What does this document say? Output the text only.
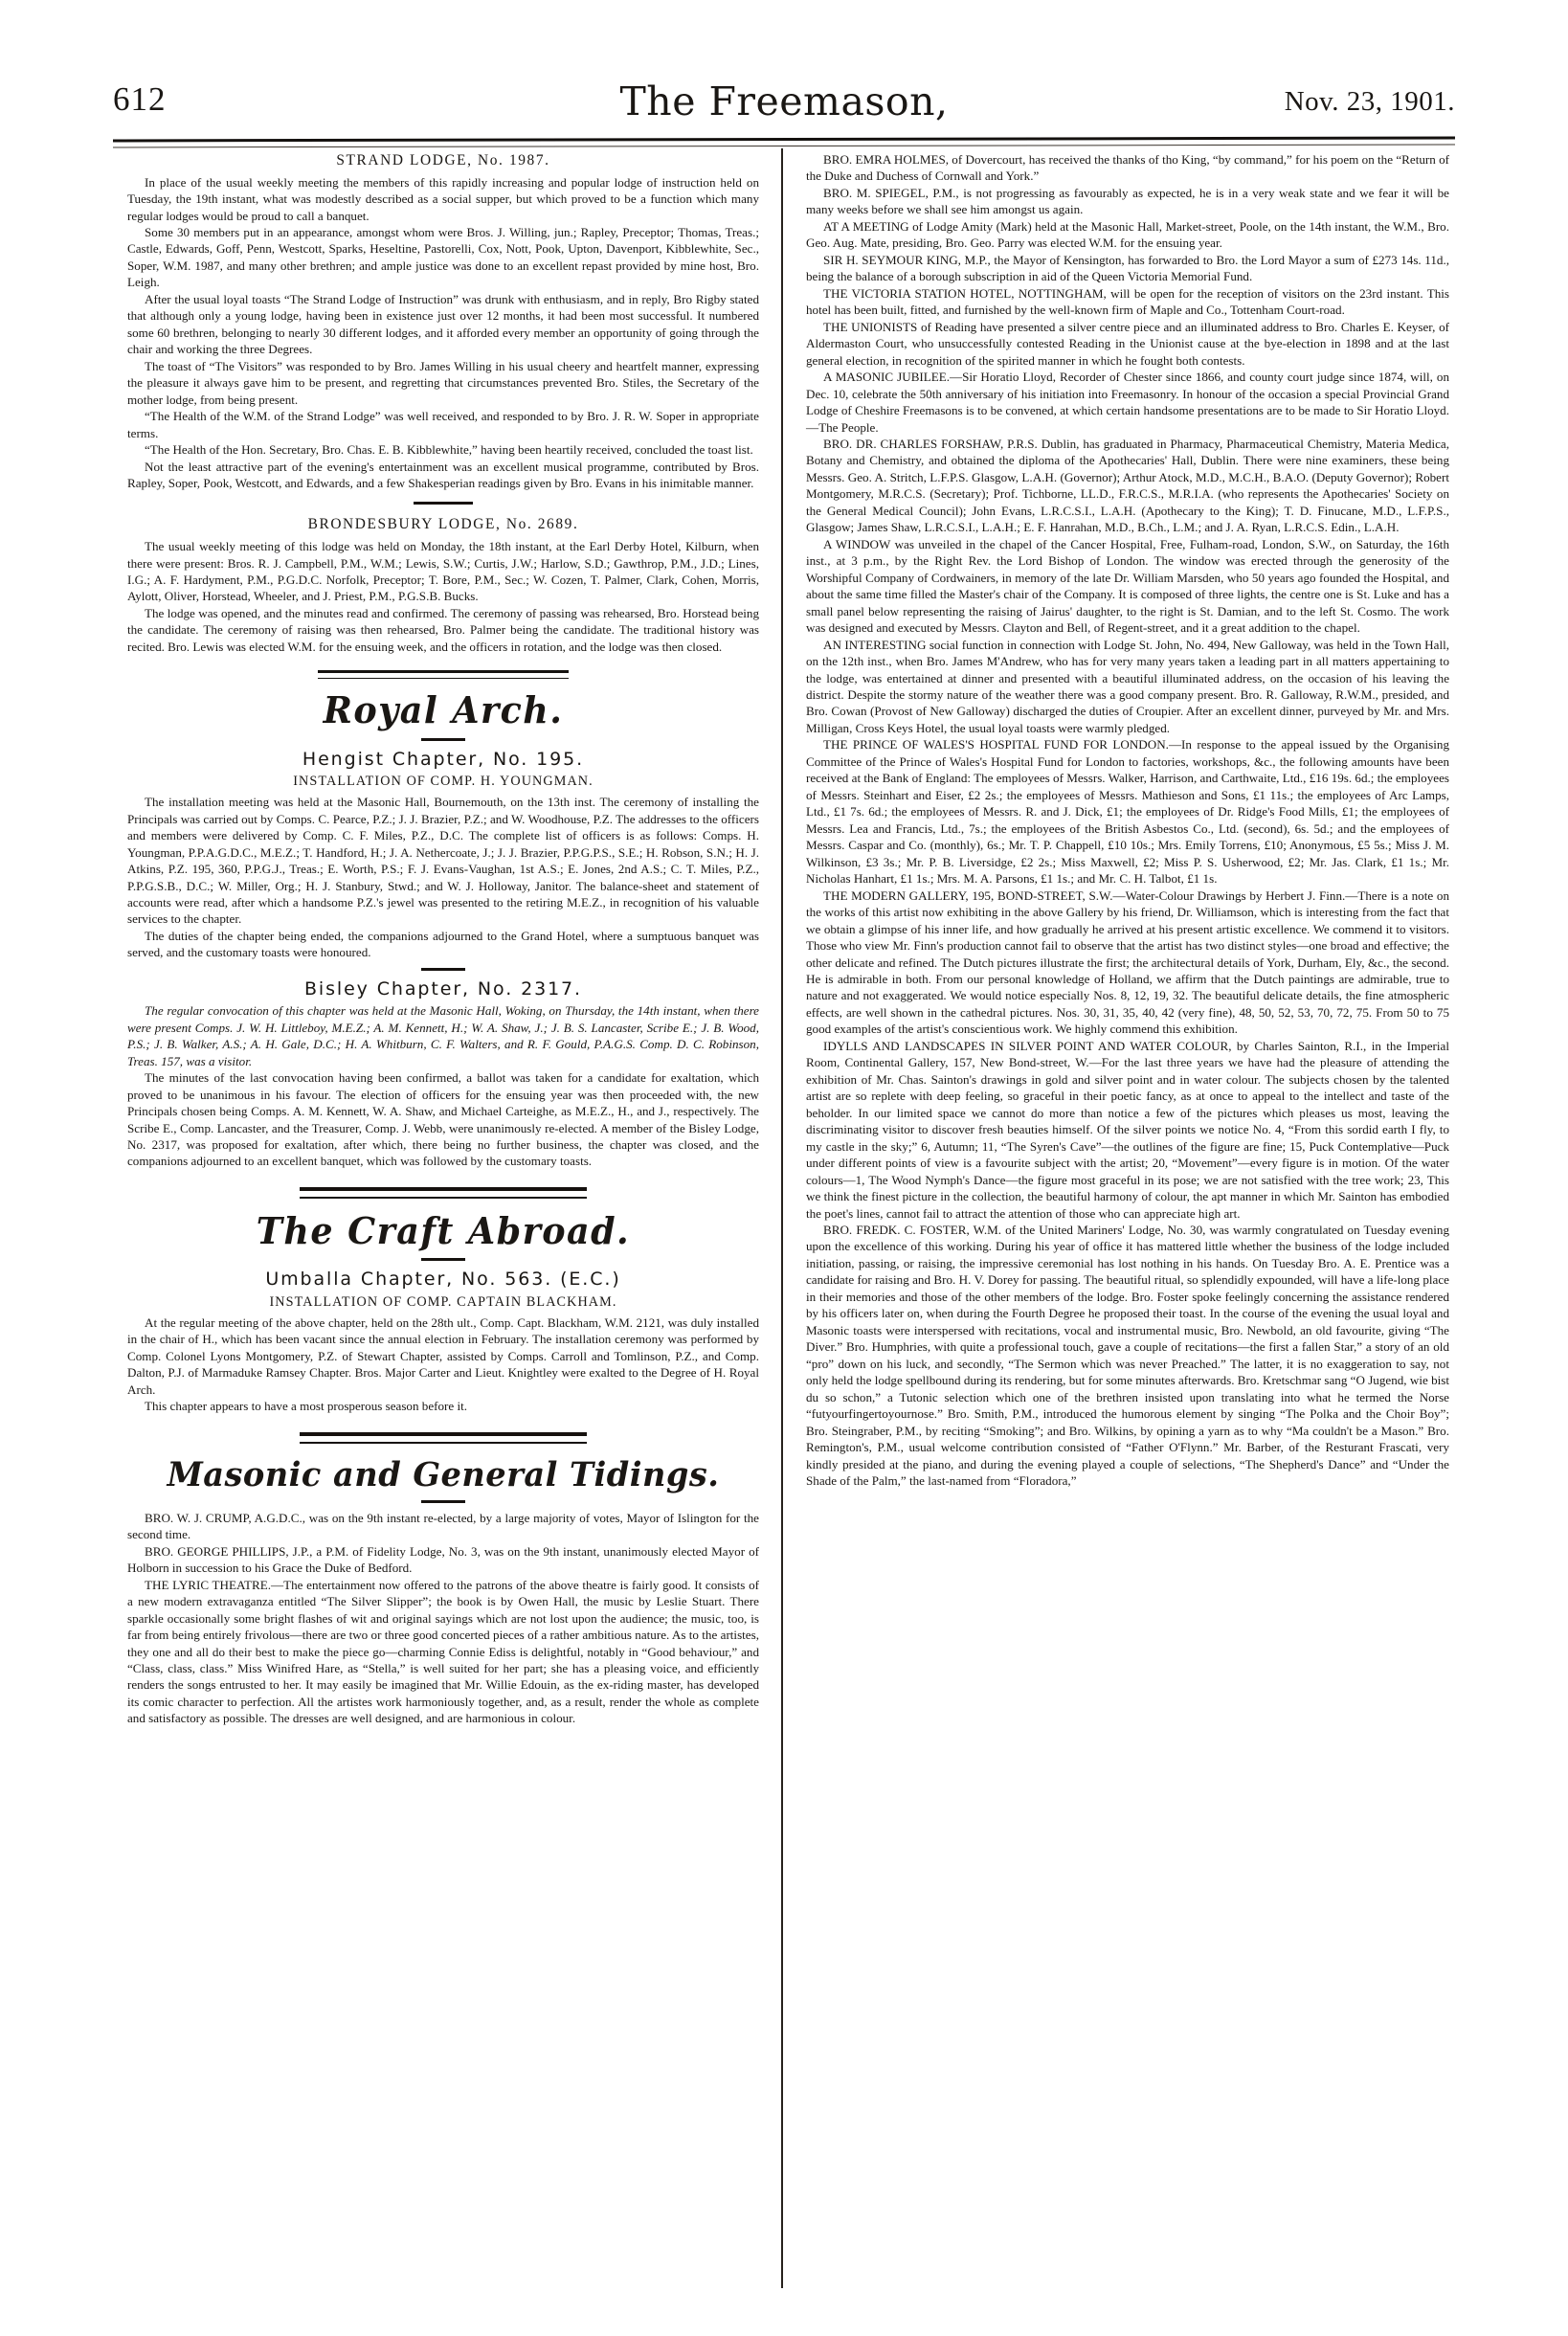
612	The Freemason,	Nov. 23, 1901.
STRAND LODGE, No. 1987.

In place of the usual weekly meeting the members of this rapidly increasing and popular lodge of instruction held on Tuesday, the 19th instant, what was modestly described as a social supper, but which proved to be a function which many regular lodges would be proud to call a banquet.

Some 30 members put in an appearance, amongst whom were Bros. J. Willing, jun.; Rapley, Preceptor; Thomas, Treas.; Castle, Edwards, Goff, Penn, Westcott, Sparks, Heseltine, Pastorelli, Cox, Nott, Pook, Upton, Davenport, Kibblewhite, Sec., Soper, W.M. 1987, and many other brethren; and ample justice was done to an excellent repast provided by mine host, Bro. Leigh.

After the usual loyal toasts “The Strand Lodge of Instruction” was drunk with enthusiasm, and in reply, Bro Rigby stated that although only a young lodge, having been in existence just over 12 months, it had been most successful. It numbered some 60 brethren, belonging to nearly 30 different lodges, and it afforded every member an opportunity of going through the chair and working the three Degrees.

The toast of “The Visitors” was responded to by Bro. James Willing in his usual cheery and heartfelt manner, expressing the pleasure it always gave him to be present, and regretting that circumstances prevented Bro. Stiles, the Secretary of the mother lodge, from being present.

“The Health of the W.M. of the Strand Lodge” was well received, and responded to by Bro. J. R. W. Soper in appropriate terms.

“The Health of the Hon. Secretary, Bro. Chas. E. B. Kibblewhite,” having been heartily received, concluded the toast list.

Not the least attractive part of the evening's entertainment was an excellent musical programme, contributed by Bros. Rapley, Soper, Pook, Westcott, and Edwards, and a few Shakesperian readings given by Bro. Evans in his inimitable manner.

BRONDESBURY LODGE, No. 2689.

The usual weekly meeting of this lodge was held on Monday, the 18th instant, at the Earl Derby Hotel, Kilburn, when there were present: Bros. R. J. Campbell, P.M., W.M.; Lewis, S.W.; Curtis, J.W.; Harlow, S.D.; Gawthrop, P.M., J.D.; Lines, I.G.; A. F. Hardyment, P.M., P.G.D.C. Norfolk, Preceptor; T. Bore, P.M., Sec.; W. Cozen, T. Palmer, Clark, Cohen, Morris, Aylott, Oliver, Horstead, Wheeler, and J. Priest, P.M., P.G.S.B. Bucks.

The lodge was opened, and the minutes read and confirmed. The ceremony of passing was rehearsed, Bro. Horstead being the candidate. The ceremony of raising was then rehearsed, Bro. Palmer being the candidate. The traditional history was recited. Bro. Lewis was elected W.M. for the ensuing week, and the officers in rotation, and the lodge was then closed.

Royal Arch.
Hengist Chapter, No. 195.
INSTALLATION OF COMP. H. YOUNGMAN.

The installation meeting was held at the Masonic Hall, Bournemouth, on the 13th inst. The ceremony of installing the Principals was carried out by Comps. C. Pearce, P.Z.; J. J. Brazier, P.Z.; and W. Woodhouse, P.Z. The addresses to the officers and members were delivered by Comp. C. F. Miles, P.Z., D.C. The complete list of officers is as follows: Comps. H. Youngman, P.P.A.G.D.C., M.E.Z.; T. Handford, H.; J. A. Nethercoate, J.; J. J. Brazier, P.P.G.P.S., S.E.; H. Robson, S.N.; H. J. Atkins, P.Z. 195, 360, P.P.G.J., Treas.; E. Worth, P.S.; F. J. Evans-Vaughan, 1st A.S.; E. Jones, 2nd A.S.; C. T. Miles, P.Z., P.P.G.S.B., D.C.; W. Miller, Org.; H. J. Stanbury, Stwd.; and W. J. Holloway, Janitor. The balance-sheet and statement of accounts were read, after which a handsome P.Z.'s jewel was presented to the retiring M.E.Z., in recognition of his valuable services to the chapter.

The duties of the chapter being ended, the companions adjourned to the Grand Hotel, where a sumptuous banquet was served, and the customary toasts were honoured.

Bisley Chapter, No. 2317.

The regular convocation of this chapter was held at the Masonic Hall, Woking, on Thursday, the 14th instant, when there were present Comps. J. W. H. Littleboy, M.E.Z.; A. M. Kennett, H.; W. A. Shaw, J.; J. B. S. Lancaster, Scribe E.; J. B. Wood, P.S.; J. B. Walker, A.S.; A. H. Gale, D.C.; H. A. Whitburn, C. F. Walters, and R. F. Gould, P.A.G.S. Comp. D. C. Robinson, Treas. 157, was a visitor.

The minutes of the last convocation having been confirmed, a ballot was taken for a candidate for exaltation, which proved to be unanimous in his favour. The election of officers for the ensuing year was then proceeded with, the new Principals chosen being Comps. A. M. Kennett, W. A. Shaw, and Michael Carteighe, as M.E.Z., H., and J., respectively. The Scribe E., Comp. Lancaster, and the Treasurer, Comp. J. Webb, were unanimously re-elected. A member of the Bisley Lodge, No. 2317, was proposed for exaltation, after which, there being no further business, the chapter was closed, and the companions adjourned to an excellent banquet, which was followed by the customary toasts.

The Craft Abroad.
Umballa Chapter, No. 563. (E.C.)
INSTALLATION OF COMP. CAPTAIN BLACKHAM.

At the regular meeting of the above chapter, held on the 28th ult., Comp. Capt. Blackham, W.M. 2121, was duly installed in the chair of H., which has been vacant since the annual election in February. The installation ceremony was performed by Comp. Colonel Lyons Montgomery, P.Z. of Stewart Chapter, assisted by Comps. Carroll and Tomlinson, P.Z., and Comp. Dalton, P.J. of Marmaduke Ramsey Chapter. Bros. Major Carter and Lieut. Knightley were exalted to the Degree of H. Royal Arch.

This chapter appears to have a most prosperous season before it.

Masonic and General Tidings.

BRO. W. J. CRUMP, A.G.D.C., was on the 9th instant re-elected, by a large majority of votes, Mayor of Islington for the second time.

BRO. GEORGE PHILLIPS, J.P., a P.M. of Fidelity Lodge, No. 3, was on the 9th instant, unanimously elected Mayor of Holborn in succession to his Grace the Duke of Bedford.

THE LYRIC THEATRE.—The entertainment now offered to the patrons of the above theatre is fairly good. It consists of a new modern extravaganza entitled “The Silver Slipper”; the book is by Owen Hall, the music by Leslie Stuart. There sparkle occasionally some bright flashes of wit and original sayings which are not lost upon the audience; the music, too, is far from being entirely frivolous—there are two or three good concerted pieces of a rather ambitious nature. As to the artistes, they one and all do their best to make the piece go—charming Connie Ediss is delightful, notably in “Good behaviour,” and “Class, class, class.” Miss Winifred Hare, as “Stella,” is well suited for her part; she has a pleasing voice, and efficiently renders the songs entrusted to her. It may easily be imagined that Mr. Willie Edouin, as the ex-riding master, has developed its comic character to perfection. All the artistes work harmoniously together, and, as a result, render the whole as complete and satisfactory as possible. The dresses are well designed, and are harmonious in colour.

BRO. EMRA HOLMES, of Dovercourt, has received the thanks of tho King, “by command,” for his poem on the “Return of the Duke and Duchess of Cornwall and York.”

BRO. M. SPIEGEL, P.M., is not progressing as favourably as expected, he is in a very weak state and we fear it will be many weeks before we shall see him amongst us again.

AT A MEETING of Lodge Amity (Mark) held at the Masonic Hall, Market-street, Poole, on the 14th instant, the W.M., Bro. Geo. Aug. Mate, presiding, Bro. Geo. Parry was elected W.M. for the ensuing year.

SIR H. SEYMOUR KING, M.P., the Mayor of Kensington, has forwarded to Bro. the Lord Mayor a sum of £273 14s. 11d., being the balance of a borough subscription in aid of the Queen Victoria Memorial Fund.

THE VICTORIA STATION HOTEL, NOTTINGHAM, will be open for the reception of visitors on the 23rd instant. This hotel has been built, fitted, and furnished by the well-known firm of Maple and Co., Tottenham Court-road.

THE UNIONISTS of Reading have presented a silver centre piece and an illuminated address to Bro. Charles E. Keyser, of Aldermaston Court, who unsuccessfully contested Reading in the Unionist cause at the bye-election in 1898 and at the last general election, in recognition of the spirited manner in which he fought both contests.

A MASONIC JUBILEE.—Sir Horatio Lloyd, Recorder of Chester since 1866, and county court judge since 1874, will, on Dec. 10, celebrate the 50th anniversary of his initiation into Freemasonry. In honour of the occasion a special Provincial Grand Lodge of Cheshire Freemasons is to be convened, at which certain handsome presentations are to be made to Sir Horatio Lloyd.—The People.

BRO. DR. CHARLES FORSHAW, P.R.S. Dublin, has graduated in Pharmacy, Pharmaceutical Chemistry, Materia Medica, Botany and Chemistry, and obtained the diploma of the Apothecaries' Hall, Dublin. There were nine examiners, these being Messrs. Geo. A. Stritch, L.F.P.S. Glasgow, L.A.H. (Governor); Arthur Atock, M.D., M.C.H., B.A.O. (Deputy Governor); Robert Montgomery, M.R.C.S. (Secretary); Prof. Tichborne, LL.D., F.R.C.S., M.R.I.A. (who represents the Apothecaries' Society on the General Medical Council); John Evans, L.R.C.S.I., L.A.H. (Apothecary to the King); T. D. Finucane, M.D., L.F.P.S., Glasgow; James Shaw, L.R.C.S.I., L.A.H.; E. F. Hanrahan, M.D., B.Ch., L.M.; and J. A. Ryan, L.R.C.S. Edin., L.A.H.

A WINDOW was unveiled in the chapel of the Cancer Hospital, Free, Fulham-road, London, S.W., on Saturday, the 16th inst., at 3 p.m., by the Right Rev. the Lord Bishop of London. The window was erected through the generosity of the Worshipful Company of Cordwainers, in memory of the late Dr. William Marsden, who 50 years ago founded the Hospital, and about the same time filled the Master's chair of the Company. It is composed of three lights, the centre one is St. Luke and has a small panel below representing the raising of Jairus' daughter, to the right is St. Damian, and to the left St. Cosmo. The work was designed and executed by Messrs. Clayton and Bell, of Regent-street, and it a great addition to the chapel.

AN INTERESTING social function in connection with Lodge St. John, No. 494, New Galloway, was held in the Town Hall, on the 12th inst., when Bro. James M'Andrew, who has for very many years taken a leading part in all matters appertaining to the lodge, was entertained at dinner and presented with a beautiful illuminated address, on the occasion of his leaving the district. Despite the stormy nature of the weather there was a good company present. Bro. R. Galloway, R.W.M., presided, and Bro. Cowan (Provost of New Galloway) discharged the duties of Croupier. After an excellent dinner, purveyed by Mr. and Mrs. Milligan, Cross Keys Hotel, the usual loyal toasts were warmly pledged.

THE PRINCE OF WALES'S HOSPITAL FUND FOR LONDON.—In response to the appeal issued by the Organising Committee of the Prince of Wales's Hospital Fund for London to factories, workshops, &c., the following amounts have been received at the Bank of England: The employees of Messrs. Walker, Harrison, and Carthwaite, Ltd., £16 19s. 6d.; the employees of Messrs. Steinhart and Eiser, £2 2s.; the employees of Messrs. Mathieson and Sons, £1 11s.; the employees of Arc Lamps, Ltd., £1 7s. 6d.; the employees of Messrs. R. and J. Dick, £1; the employees of Dr. Ridge's Food Mills, £1; the employees of Messrs. Lea and Francis, Ltd., 7s.; the employees of the British Asbestos Co., Ltd. (second), 6s. 5d.; and the employees of Messrs. Caspar and Co. (monthly), 6s.; Mr. T. P. Chappell, £10 10s.; Mrs. Emily Torrens, £10; Anonymous, £5 5s.; Miss J. M. Wilkinson, £3 3s.; Mr. P. B. Liversidge, £2 2s.; Miss Maxwell, £2; Miss P. S. Usherwood, £2; Mr. Jas. Clark, £1 1s.; Mr. Nicholas Hanhart, £1 1s.; Mrs. M. A. Parsons, £1 1s.; and Mr. C. H. Talbot, £1 1s.

THE MODERN GALLERY, 195, BOND-STREET, S.W.—Water-Colour Drawings by Herbert J. Finn.—There is a note on the works of this artist now exhibiting in the above Gallery by his friend, Dr. Williamson, which is interesting from the fact that we obtain a glimpse of his inner life, and how gradually he arrived at his present artistic excellence. We commend it to visitors. Those who view Mr. Finn's production cannot fail to observe that the artist has two distinct styles—one broad and effective; the other delicate and refined. The Dutch pictures illustrate the first; the architectural details of York, Durham, Ely, &c., the second. He is admirable in both. From our personal knowledge of Holland, we affirm that the Dutch paintings are admirable, true to nature and not exaggerated. We would notice especially Nos. 8, 12, 19, 32. The beautiful delicate details, the fine atmospheric effects, are well shown in the cathedral pictures. Nos. 30, 31, 35, 40, 42 (very fine), 48, 50, 52, 53, 70, 72, 75. From 50 to 75 good examples of the artist's conscientious work. We highly commend this exhibition.

IDYLLS AND LANDSCAPES IN SILVER POINT AND WATER COLOUR, by Charles Sainton, R.I., in the Imperial Room, Continental Gallery, 157, New Bond-street, W.—For the last three years we have had the pleasure of attending the exhibition of Mr. Chas. Sainton's drawings in gold and silver point and in water colour. The subjects chosen by the talented artist are so replete with deep feeling, so graceful in their poetic fancy, as at once to appeal to the intellect and taste of the beholder. In our limited space we cannot do more than notice a few of the pictures which pleases us most, leaving the discriminating visitor to discover fresh beauties himself. Of the silver points we notice No. 4, “From this sordid earth I fly, to my castle in the sky;” 6, Autumn; 11, “The Syren's Cave”—the outlines of the figure are fine; 15, Puck Contemplative—Puck under different points of view is a favourite subject with the artist; 20, “Movement”—every figure is in motion. Of the water colours—1, The Wood Nymph's Dance—the figure most graceful in its pose; we are not satisfied with the tree work; 23, This we think the finest picture in the collection, the beautiful harmony of colour, the apt manner in which Mr. Sainton has embodied the poet's lines, cannot fail to attract the attention of those who can appreciate high art.

BRO. FREDK. C. FOSTER, W.M. of the United Mariners' Lodge, No. 30, was warmly congratulated on Tuesday evening upon the excellence of this working. During his year of office it has mattered little whether the business of the lodge included initiation, passing, or raising, the impressive ceremonial has lost nothing in his hands. On Tuesday Bro. A. E. Prentice was a candidate for raising and Bro. H. V. Dorey for passing. The beautiful ritual, so splendidly expounded, will have a life-long place in their memories and those of the other members of the lodge. Bro. Foster spoke feelingly concerning the assistance rendered by his officers later on, when during the Fourth Degree he proposed their toast. In the course of the evening the usual loyal and Masonic toasts were interspersed with recitations, vocal and instrumental music, Bro. Newbold, an old favourite, giving “The Diver.” Bro. Humphries, with quite a professional touch, gave a couple of recitations—the first a fallen Star,” a story of an old “pro” down on his luck, and secondly, “The Sermon which was never Preached.” The latter, it is no exaggeration to say, not only held the lodge spellbound during its rendering, but for some minutes afterwards. Bro. Kretschmar sang “O Jugend, wie bist du so schon,” a Tutonic selection which one of the brethren insisted upon translating into what he termed the Norse “futyourfingertoyournose.” Bro. Smith, P.M., introduced the humorous element by singing “The Polka and the Choir Boy”; Bro. Steingraber, P.M., by reciting “Smoking”; and Bro. Wilkins, by opining a yarn as to why “Ma couldn't be a Mason.” Bro. Remington's, P.M., usual welcome contribution consisted of “Father O'Flynn.” Mr. Barber, of the Resturant Frascati, very kindly presided at the piano, and during the evening played a couple of selections, “The Shepherd's Dance” and “Under the Shade of the Palm,” the last-named from “Floradora,”
